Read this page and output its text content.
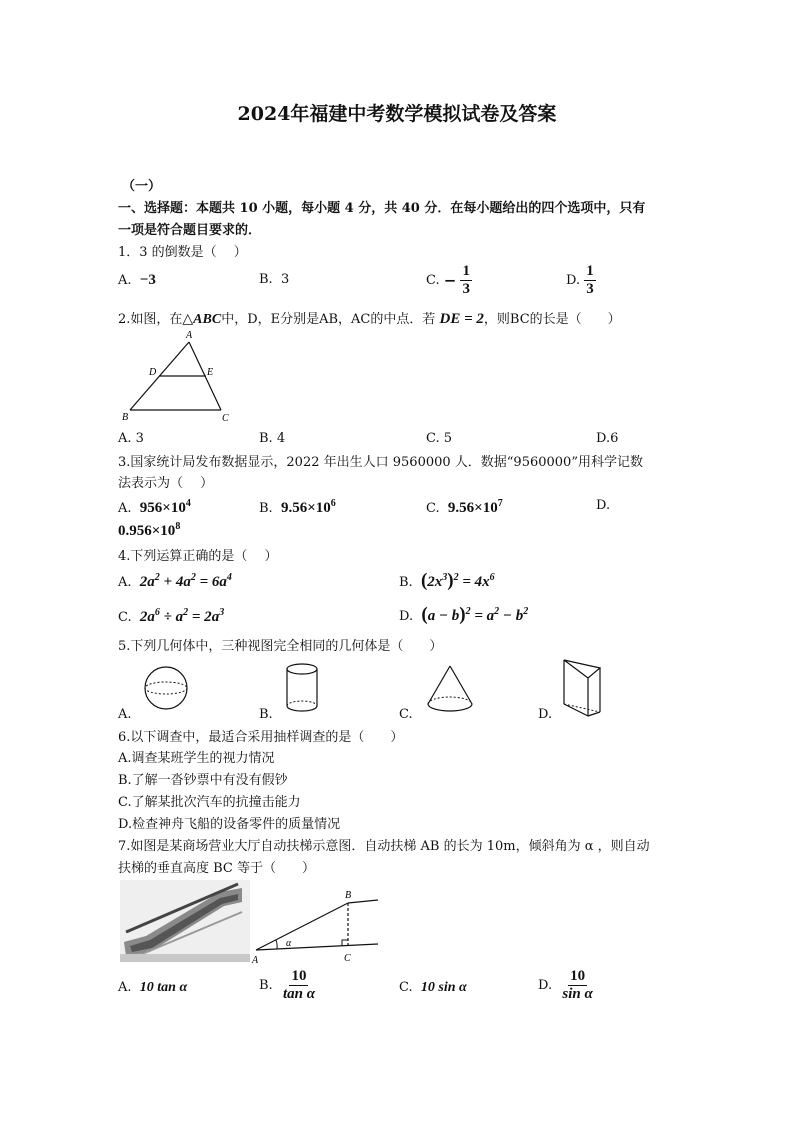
2024年福建中考数学模拟试卷及答案
（一）
一、选择题：本题共 10 小题，每小题 4 分，共 40 分．在每小题给出的四个选项中，只有
一项是符合题目要求的．
1．3 的倒数是（　 ）
A. −3	B. 3	C. − $\frac{1}{3}$	D. $\frac{1}{3}$
2.如图，在△ABC中，D，E分别是AB，AC的中点．若 DE = 2，则BC的长是（　　）
A
D	E
B	C
A. 3	B. 4	C. 5	D.6
3.国家统计局发布数据显示，2022 年出生人口 9560000 人．数据“9560000”用科学记数
法表示为（　 ）
A. $956\times 10^4$	B. $9.56\times 10^6$	C. $9.56\times 10^7$	D.
$0.956\times 10^8$
4.下列运算正确的是（　 ）
A. $2a^2 + 4a^2 = 6a^4$	B. $(2x^3)^2 = 4x^6$
C. $2a^6 \div a^2 = 2a^3$	D. $(a - b)^2 = a^2 - b^2$
5.下列几何体中，三种视图完全相同的几何体是（　　）
A.	B.	C.	D.
6.以下调查中，最适合采用抽样调查的是（　　）
A.调查某班学生的视力情况
B.了解一沓钞票中有没有假钞
C.了解某批次汽车的抗撞击能力
D.检查神舟飞船的设备零件的质量情况
7.如图是某商场营业大厅自动扶梯示意图．自动扶梯 AB 的长为 10m，倾斜角为 α ，则自动
扶梯的垂直高度 BC 等于（　　）
α
A
B
C
A. 10 tan α	B. $\frac{10}{\text{tan α}}$	C. 10 sin α	D. $\frac{10}{\text{sin α}}$
